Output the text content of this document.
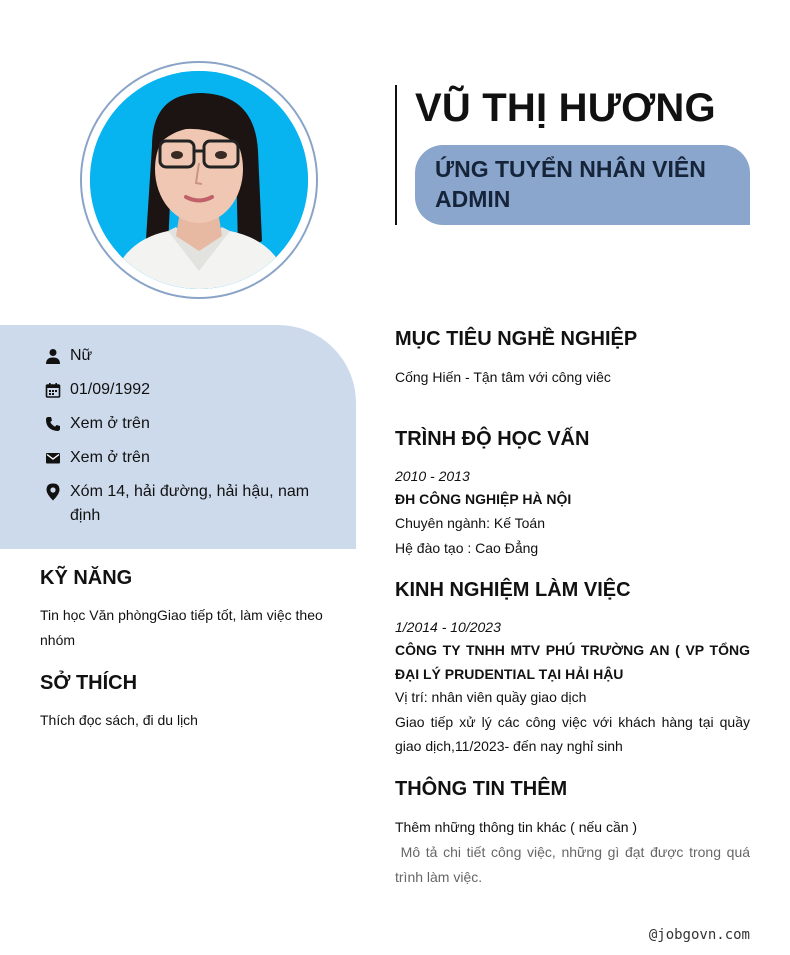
VŨ THỊ HƯƠNG
ỨNG TUYỂN NHÂN VIÊN ADMIN
Nữ
01/09/1992
Xem ở trên
Xem ở trên
Xóm 14, hải đường, hải hậu, nam định
KỸ NĂNG
Tin học Văn phòngGiao tiếp tốt, làm việc theo nhóm
SỞ THÍCH
Thích đọc sách, đi du lịch
MỤC TIÊU NGHỀ NGHIỆP
Cống Hiến - Tận tâm với công viêc
TRÌNH ĐỘ HỌC VẤN
2010 - 2013
ĐH CÔNG NGHIỆP HÀ NỘI
Chuyên ngành: Kế Toán
Hệ đào tạo : Cao Đẳng
KINH NGHIỆM LÀM VIỆC
1/2014 - 10/2023
CÔNG TY TNHH MTV PHÚ TRƯỜNG AN ( VP TỔNG ĐẠI LÝ PRUDENTIAL TẠI HẢI HẬU
Vị trí: nhân viên quầy giao dịch
Giao tiếp xử lý các công việc với khách hàng tại quầy giao dịch,11/2023- đến nay nghỉ sinh
THÔNG TIN THÊM
Thêm những thông tin khác ( nếu cần )
Mô tả chi tiết công việc, những gì đạt được trong quá trình làm việc.
@jobgovn.com
